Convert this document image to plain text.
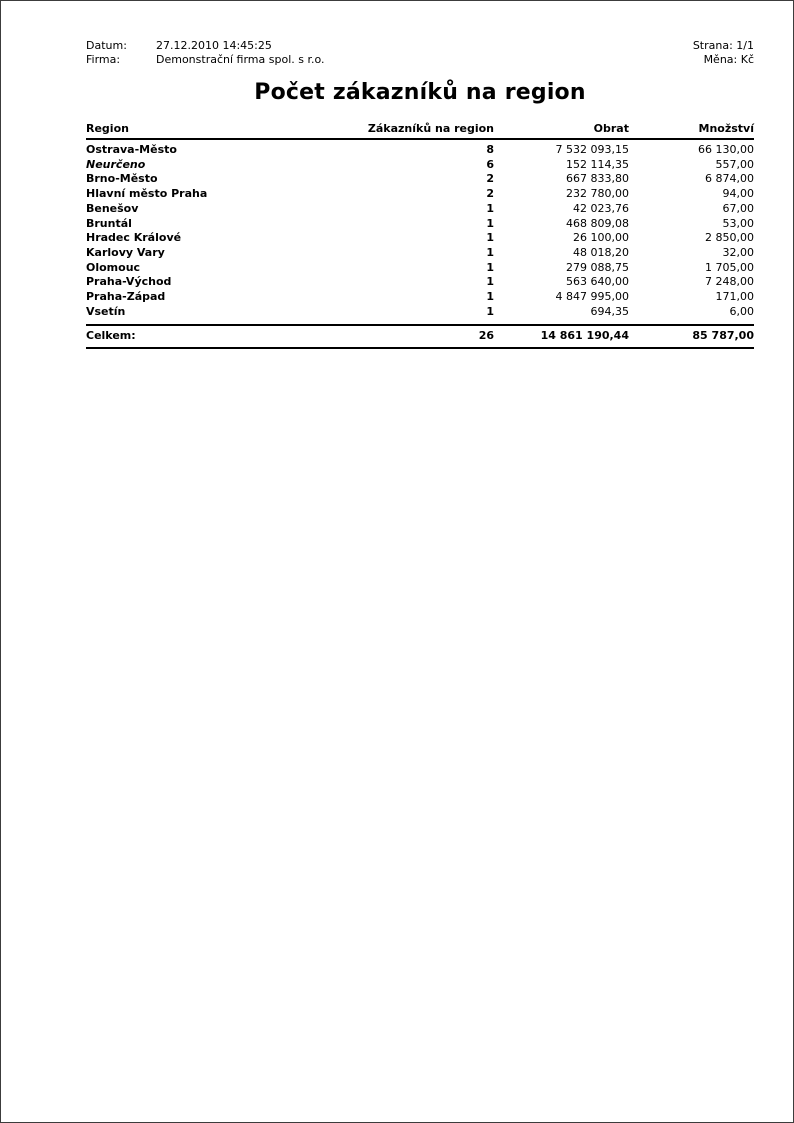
Datum:	27.12.2010 14:45:25
Firma:	Demonstrační firma spol. s r.o.
Strana: 1/1
Měna: Kč
Počet zákazníků na region
Region	Zákazníků na region	Obrat	Množství
Ostrava-Město	8	7 532 093,15	66 130,00
Neurčeno	6	152 114,35	557,00
Brno-Město	2	667 833,80	6 874,00
Hlavní město Praha	2	232 780,00	94,00
Benešov	1	42 023,76	67,00
Bruntál	1	468 809,08	53,00
Hradec Králové	1	26 100,00	2 850,00
Karlovy Vary	1	48 018,20	32,00
Olomouc	1	279 088,75	1 705,00
Praha-Východ	1	563 640,00	7 248,00
Praha-Západ	1	4 847 995,00	171,00
Vsetín	1	694,35	6,00
Celkem:	26	14 861 190,44	85 787,00
